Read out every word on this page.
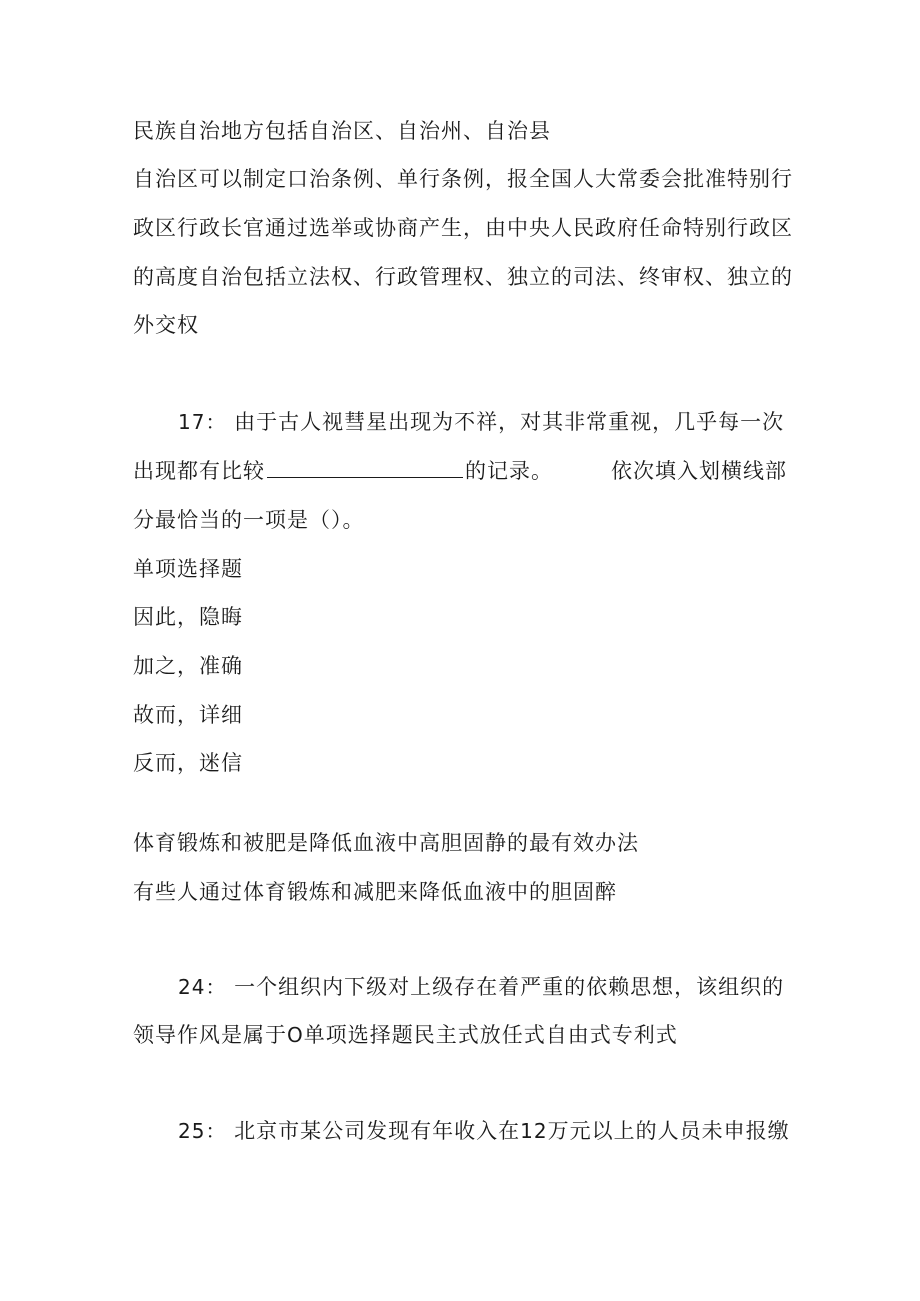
民族自治地方包括自治区、自治州、自治县
自治区可以制定口治条例、单行条例，报全国人大常委会批准特别行
政区行政长官通过选举或协商产生，由中央人民政府任命特别行政区
的高度自治包括立法权、行政管理权、独立的司法、终审权、独立的
外交权
17： 由于古人视彗星出现为不祥，对其非常重视，几乎每一次
出现都有比较	的记录。	依次填入划横线部
分最恰当的一项是（）。
单项选择题
因此，隐晦
加之，准确
故而，详细
反而，迷信
体育锻炼和被肥是降低血液中高胆固静的最有效办法
有些人通过体育锻炼和减肥来降低血液中的胆固醉
24： 一个组织内下级对上级存在着严重的依赖思想，该组织的
领导作风是属于O单项选择题民主式放任式自由式专利式
25： 北京市某公司发现有年收入在12万元以上的人员未申报缴
